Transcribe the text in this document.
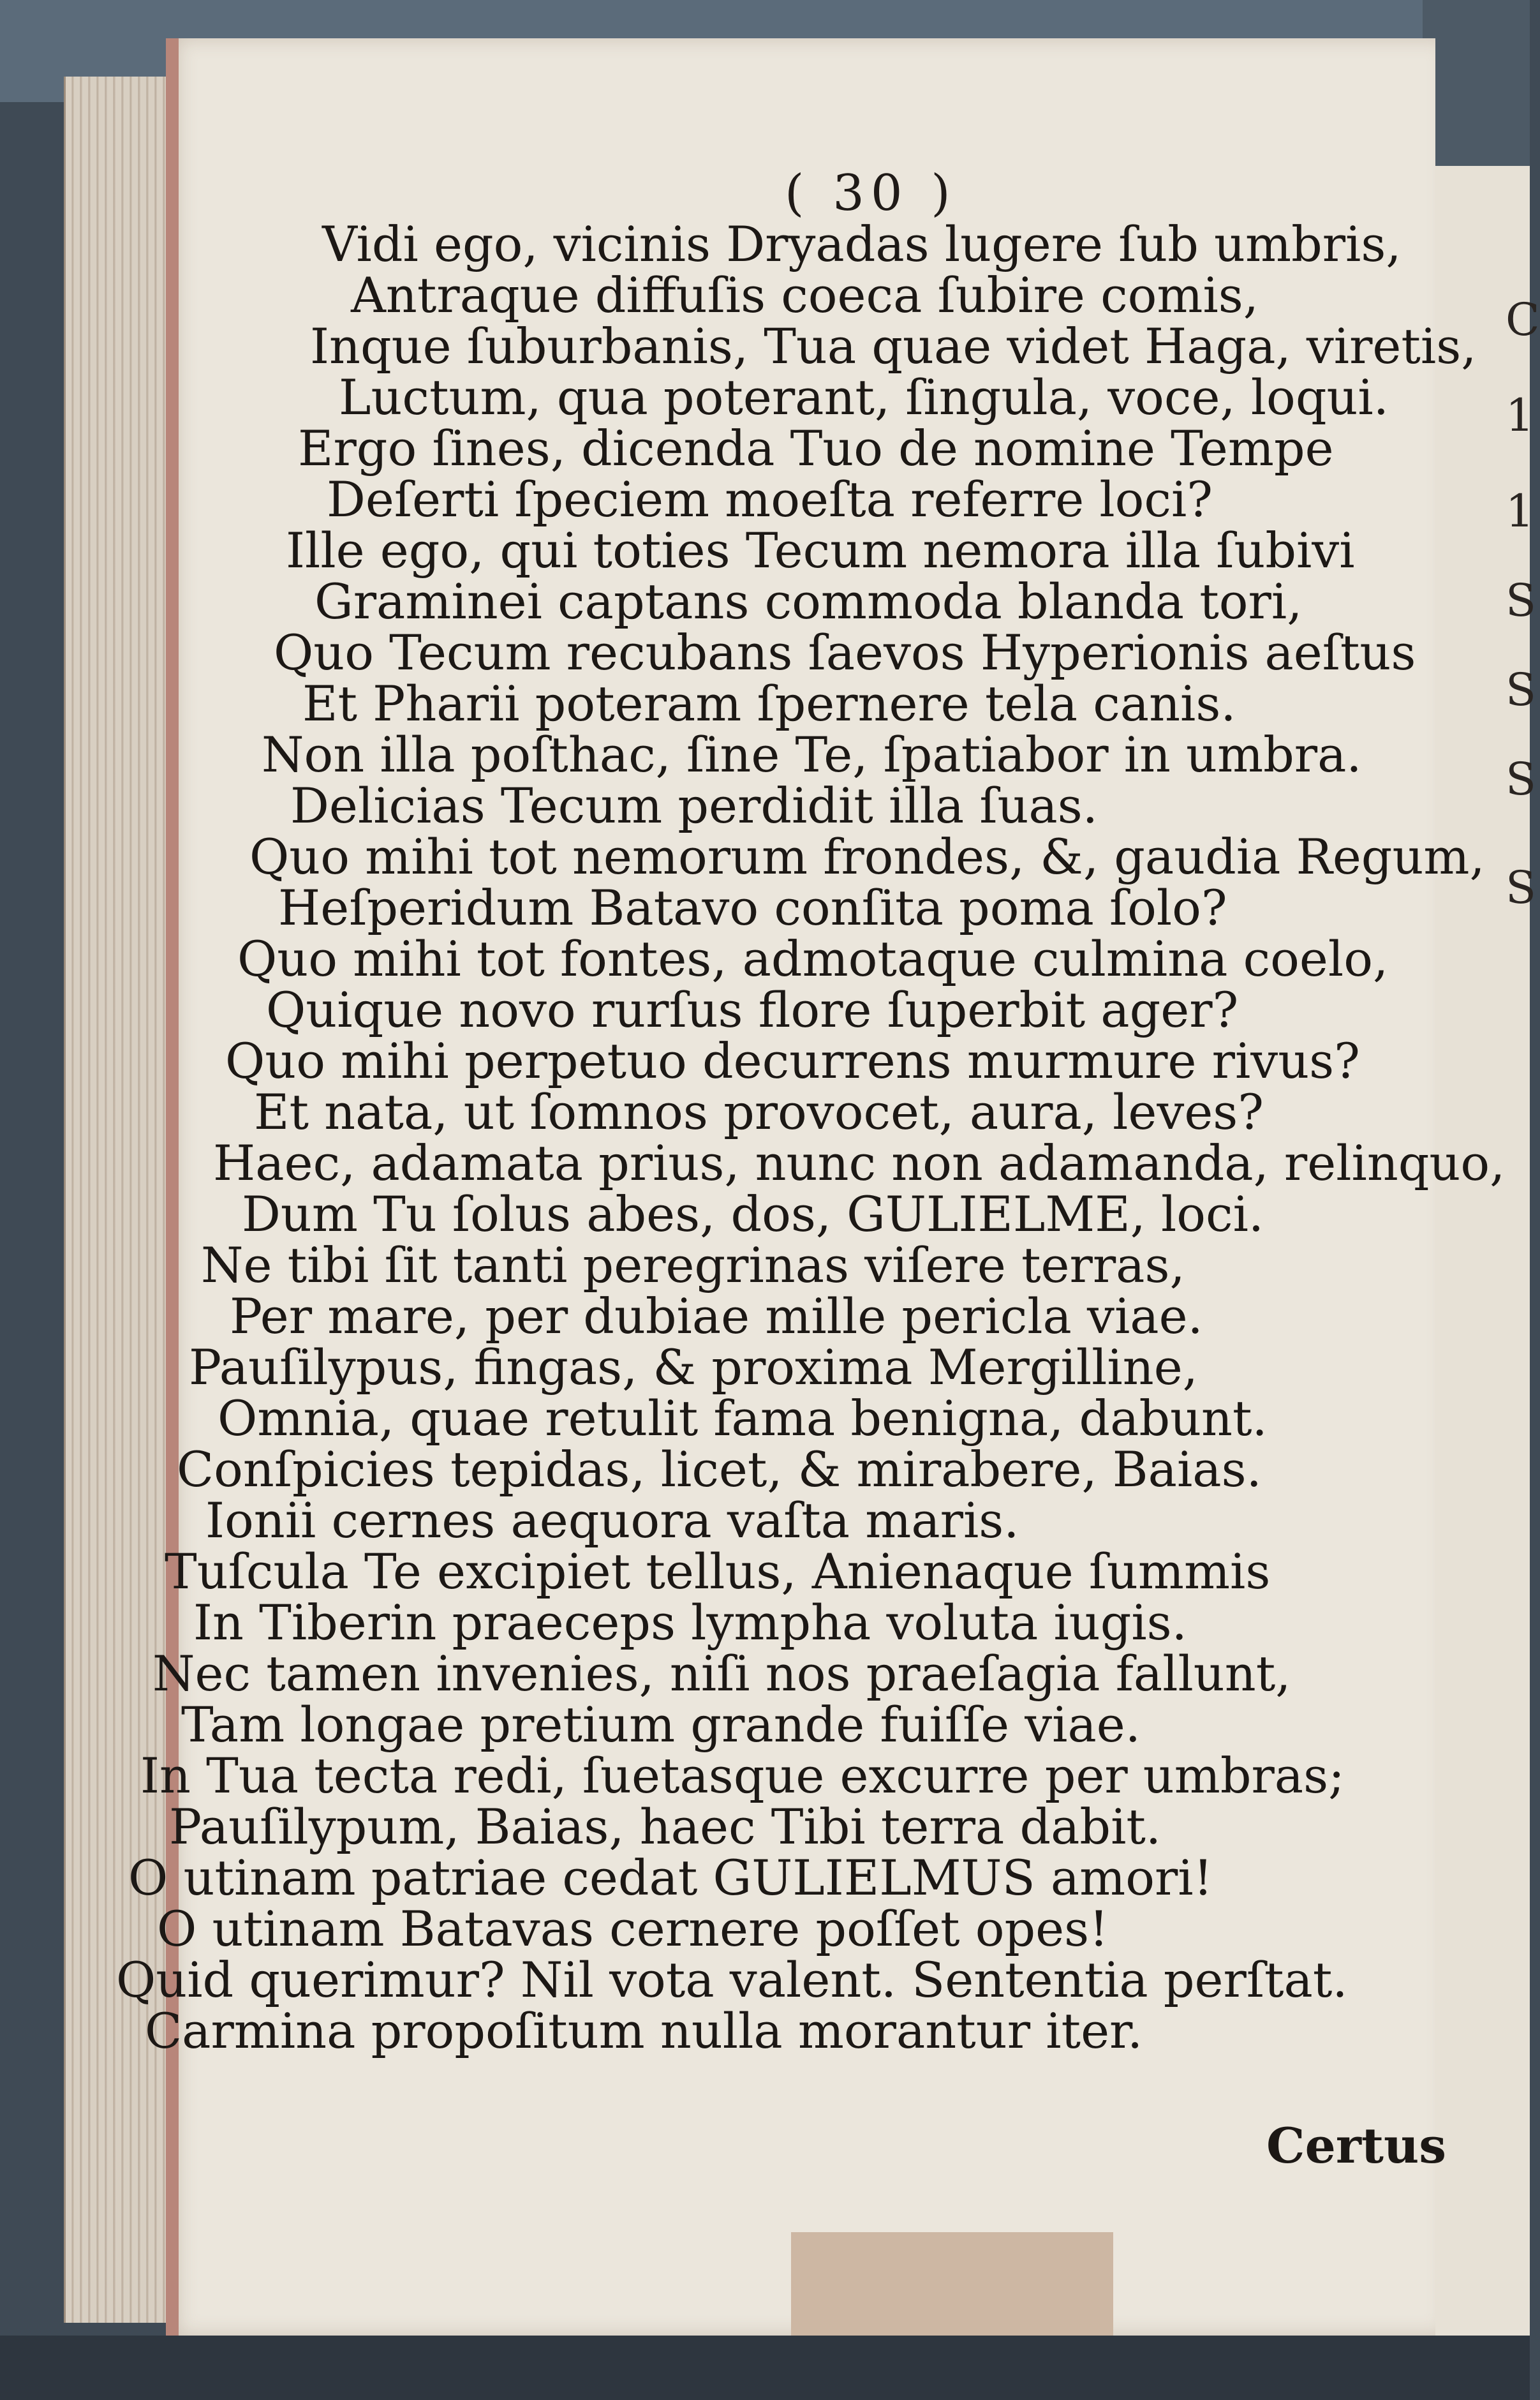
( 30 )
Vidi ego, vicinis Dryadas lugere ſub umbris,
Antraque diffuſis coeca ſubire comis,
Inque ſuburbanis, Tua quae videt Haga, viretis,
Luctum, qua poterant, ſingula, voce, loqui.
Ergo ſines, dicenda Tuo de nomine Tempe
Deſerti ſpeciem moeſta referre loci?
Ille ego, qui toties Tecum nemora illa ſubivi
Graminei captans commoda blanda tori,
Quo Tecum recubans ſaevos Hyperionis aeſtus
Et Pharii poteram ſpernere tela canis.
Non illa poſthac, ſine Te, ſpatiabor in umbra.
Delicias Tecum perdidit illa ſuas.
Quo mihi tot nemorum frondes, &, gaudia Regum,
Heſperidum Batavo conſita poma ſolo?
Quo mihi tot fontes, admotaque culmina coelo,
Quique novo rurſus flore ſuperbit ager?
Quo mihi perpetuo decurrens murmure rivus?
Et nata, ut ſomnos provocet, aura, leves?
Haec, adamata prius, nunc non adamanda, relinquo,
Dum Tu ſolus abes, dos, GULIELME, loci.
Ne tibi ſit tanti peregrinas viſere terras,
Per mare, per dubiae mille pericla viae.
Pauſilypus, fingas, & proxima Mergilline,
Omnia, quae retulit fama benigna, dabunt.
Conſpicies tepidas, licet, & mirabere, Baias.
Ionii cernes aequora vaſta maris.
Tuſcula Te excipiet tellus, Anienaque ſummis
In Tiberin praeceps lympha voluta iugis.
Nec tamen invenies, niſi nos praeſagia fallunt,
Tam longae pretium grande fuiſſe viae.
In Tua tecta redi, ſuetasque excurre per umbras;
Pauſilypum, Baias, haec Tibi terra dabit.
O utinam patriae cedat GULIELMUS amori!
O utinam Batavas cernere poſſet opes!
Quid querimur? Nil vota valent. Sententia perſtat.
Carmina propoſitum nulla morantur iter.
Certus
C
1
1
S
S
S
S
